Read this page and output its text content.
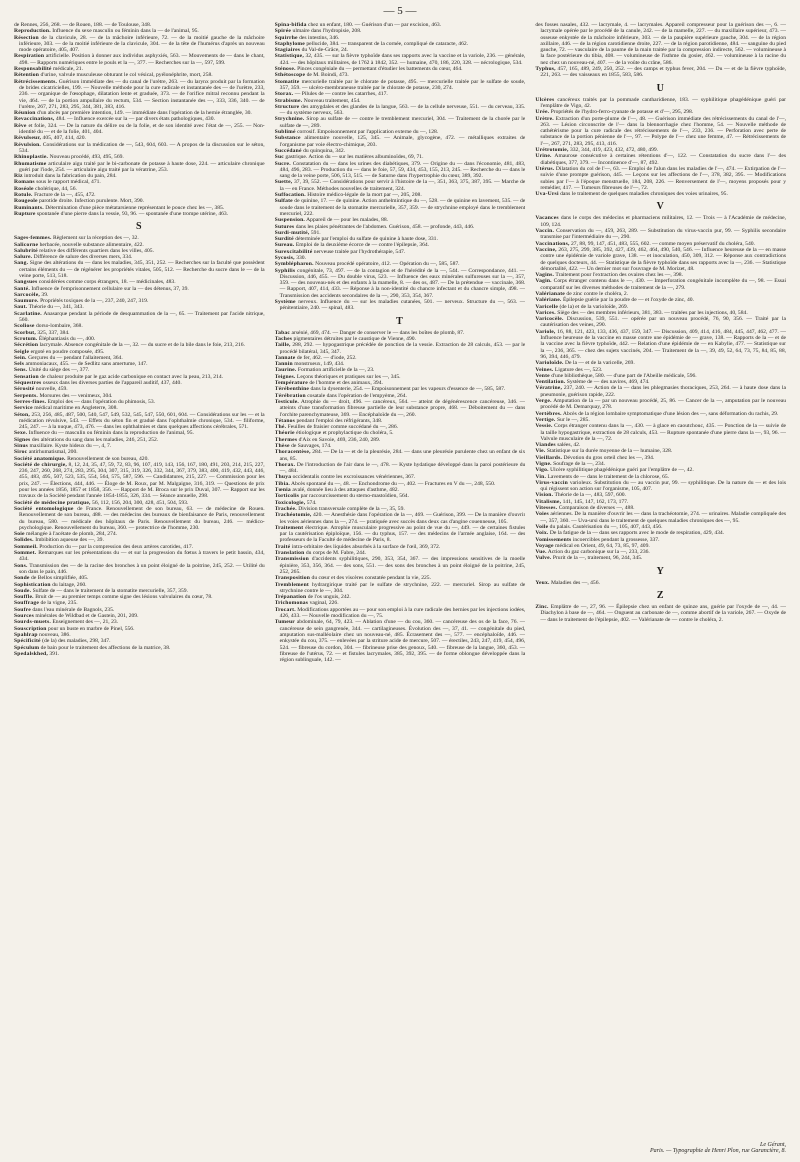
— 5 —

de Rennes, 256, 268. — de Rouen, 188. — de Toulouse, 348.

Reproduction. Influence du sexe masculin ou féminin dans la — de l'animal, 95.

Résection de la clavicule, 28. — de la mâchoire inférieure, 72. — de la moitié gauche de la mâchoire inférieure, 303. — de la moitié inférieure de la clavicule, 304. — de la tête de l'humérus d'après un nouveau mode opératoire, 405, 407.

Respiration artificielle. Position à donner aux individus asphyxiés, 563. — Mouvements de — dans le chant, 498. — Rapports numériques entre le pouls et la —, 377. — Recherches sur la —, 597, 599.

Responsabilité médicale, 21.

Rétention d'urine, valvule musculeuse obturant le col vésical, pyélonéphrite, mort, 258.

Rétrécissements. Guérison immédiate des — du canal de l'urètre, 263. — du larynx produit par la formation de brides cicatricielles, 199. — Nouvelle méthode pour la cure radicale et instantanée des — de l'urètre, 233, 236. — organique de l'œsophage, dilatation lente et graduée, 373. — de l'orifice mitral reconnu pendant la vie, 464. — de la portion ampullaire du rectum, 534. — Section instantanée des —, 333, 336, 340. — de l'urètre, 267, 271, 283, 295, 344, 381, 383, 416.

Réunion d'un abcès par première intention, 149. — immédiate dans l'opération de la hernie étranglée, 30.

Revaccinations, 484. — Influence exercée sur la — par divers états pathologiques, 430.

Rêve et folie, 324. — De la nature du délire ou de la folie, et de son identité avec l'état de —, 255. — Non-identité du — et de la folie, 401, 404.

Révulseur, 405, 407, 414, 420.

Révulsion. Considérations sur la médication de —, 543, 604, 603. — A propos de la discussion sur le séton, 534.

Rhinoplastie. Nouveau procédé, 493, 495, 569.

Rhumatisme articulaire aigu traité par le bi-carbonate de potasse à haute dose, 224. — articulaire chronique guéri par l'iode, 254. — articulaire aigu traité par la vératrine, 253.

Riz introduit dans la fabrication du pain, 284.

Romans sous le rapport médical, 471.

Roséole cholérique, 44, 56.

Rotule. Fracture de la —, 455, 472.

Rougeole parotide droite. Infection purulente. Mort, 390.

Ruminants. Détermination d'une pièce métatarsienne représentant le pouce chez les —, 385.

Rupture spontanée d'une pierre dans la vessie, 93, 96. — spontanée d'une trompe utérine, 463.

S

Sages-femmes. Règlement sur la réception des —, 32.

Salicorne herbacée, nouvelle substance alimentaire, 422.

Salubrité relative des différents quartiers dans les villes, 405.

Salure. Différence de salure des diverses mers, 334.

Sang. Signe des altérations du — dans les maladies, 345, 351, 252. — Recherches sur la faculté que possèdent certains éléments du — de régénérer les propriétés vitales, 505, 512. — Recherche du sucre dans le — de la veine porte, 513, 518.

Sangsues considérées comme corps étrangers, 18. — médicinales, 483.

Santé. Influence de l'emprisonnement cellulaire sur la — des détenus, 37, 39.

Sarcocèle, 39.

Saumure. Propriétés toxiques de la —, 237, 240, 247, 319.

Saut. Théorie du —, 341, 343.

Scarlatine. Anasarque pendant la période de desquammation de la —, 65. — Traitement par l'acide nitrique, 560.

Scoliose dorso-lombaire, 368.

Scorbut, 325, 337, 384.

Scrotum. Éléphantiasis du —, 400.

Sécrétion lacrymale. Absence congénitale de la —, 32. — du sucre et de la bile dans le foie, 213, 216.

Seigle ergoté en poudre composée, 495.

Sein. Gerçures du — pendant l'allaitement, 364.

Sels ammoniacaux, 455. — de Sedlitz sans amertume, 147.

Sens. Unité du siège des —, 377.

Sensation de chaleur produite par le gaz acide carbonique en contact avec la peau, 213, 214.

Séquestres osseux dans les diverses parties de l'appareil auditif, 437, 440.

Sérosité nouvelle, 459.

Serpents. Morsures des — venimeux, 304.

Serres-fines. Emploi des — dans l'opération du phimosis, 53.

Service médical maritime en Angleterre, 308.

Séton, 253, 256, 485, 487, 500, 540, 547, 549, 532, 545, 547, 550, 601, 604. — Considérations sur les — et la médication révulsive, 543. — Effets du séton fin et gradué dans l'ophthalmie chronique, 534. — filiforme, 245, 247. — à la nuque, 473, 476. — dans les ophthalmies et dans quelques affections cérébrales, 571.

Sexe. Influence du — masculin ou féminin dans la reproduction de l'animal, 95.

Signes des altérations du sang dans les maladies, 246, 251, 252.

Sinus maxillaire. Kyste hideux du —, 4, 7.

Siroc antirhumatismal, 200.

Société anatomique. Renouvellement de son bureau, 420.

Société de chirurgie, 8, 12, 24, 35, 47, 59, 72, 83, 96, 107, 419, 143, 156, 167, 180, 491, 203, 214, 215, 227, 236, 247, 260, 268, 274, 283, 295, 304, 307, 315, 319, 326, 332, 344, 367, 379, 383, 400, 419, 432, 443, 446, 455, 483, 495, 507, 523, 535, 554, 564, 575, 587, 596. — Candidatures, 215, 227. — Commission pour les prix, 247. — Élections, 444, 446. — Éloge de M. Roux, par M. Malgaigne, 316, 319. — Questions de prix pour les années 1856, 1857 et 1858, 356. — Rapport de M. Broca sur le prix Duval, 307. — Rapport sur les travaux de la Société pendant l'année 1854-1855, 326, 334. — Séance annuelle, 298.

Société de médecine pratique, 56, 112, 156, 204, 300, 428, 451, 504, 593.

Société entomologique de France. Renouvellement de son bureau, 63. — de médecine de Rouen. Renouvellement de son bureau, 488. — des médecins des bureaux de bienfaisance de Paris, renouvellement du bureau, 580. — médicale des hôpitaux de Paris. Renouvellement du bureau, 246. — médico-psychologique. Renouvellement du bureau, 360. — protectrice de l'homme, 230.

Soie mélangée à l'acétate de plomb, 284, 274.

Solides. Imbibition aqueuse des —, 39.

Sommeil. Production du — par la compression des deux artères carotides, 417.

Sommet. Remarques sur les présentations du — et sur la progression du fœtus à travers le petit bassin, 434, 434.

Sons. Transmission des — de la racine des bronches à un point éloigné de la poitrine, 245, 252. — Utilité du son dans le pain, 446.

Sonde de Bellos simplifiée, 405.

Sophistication du laitage, 260.

Soude. Sulfate de — dans le traitement de la stomatite mercurielle, 357, 359.

Souffle. Bruit de — au premier temps comme signe des lésions valvulaires du cœur, 78.

Souffrage de la vigne, 235.

Soufre dans l'eau minérale de Bagnols, 235.

Sources minérales de Wildbad et de Gastein, 201, 209.

Sourds-muets. Enseignement des —, 21, 23.

Souscription pour un buste en marbre de Pinel, 556.

Spahlrap nouveau, 386.

Spécificité (de la) des maladies, 298, 347.

Spéculum de bain pour le traitement des affections de la matrice, 38.

Spedalskhed, 391.

Spina-bifida chez un enfant, 180. — Guérison d'un — par excision, 463.

Spirée ulmaire dans l'hydropisie, 208.

Squirrhe des intestins, 346.

Staphylome pellucide, 384. — transparent de la cornée, compliqué de cataracte, 462.

Stagiaires du Val-de-Grâce, 24.

Statistique, 32, 435. — sur la fièvre typhoïde dans ses rapports avec la vaccine et la variole, 236. — générale, 424. — des hôpitaux militaires, de 1762 à 1842, 352. — humaine, 470, 186, 220, 328. — nécrologique, 534.

Sténose. Pinces congéniale du — permettant d'étudier les battements du cœur, 464.

Sthétoscope de M. Boindi, 473.

Stomatite mercurielle traitée par le chlorate de potasse, 495. — mercurielle traitée par le sulfate de soude, 357, 359. — ulcéro-membraneuse traitée par le chlorate de potasse, 230, 274.

Storax. — Pilules de — contre les catarrhes, 417.

Strabisme. Nouveau traitement, 454.

Structure des amygdales et des glandes de la langue, 563. — de la cellule nerveuse, 551. — du cerveau, 335. — du système nerveux, 563.

Strychnine. Sirop au sulfate de — contre le tremblement mercuriel, 304. — Traitement de la chorée par le sulfate de —, 289.

Sublimé corrosif. Empoisonnement par l'application externe du —, 128.

Substance alimentaire nouvelle, 125, 345. — Animale, glycogène, 472. — métalliques extraites de l'organisme par voie électro-chimique, 203.

Succédané du quinquina, 342.

Suc gastrique. Action du — sur les matières albuminoïdes, 69, 71.

Sucre. Constatation du — dans les urines des diabétiques, 379. — Origine du — dans l'économie, 481, 483, 484, 496, 283. — Production du — dans le foie, 57, 59, 434, 453, 155, 213, 245. — Recherche du — dans le sang de la veine porte, 506, 513, 515. — de Saturne dans l'hypertrophie du cœur, 389, 392.

Suette, 37, 39, 552. — Considérations pour servir à l'histoire de la —, 351, 363, 375, 387, 395. — Marche de la — en France. Méthodes nouvelles de traitement, 324.

Suffocation. Histoire médico-légale de la mort par —, 205, 208.

Sulfate de quinine, 17. — de quinine. Action anthelmintique du —, 528. — de quinine en lavement, 535. — de soude dans le traitement de la stomatite mercurielle, 357, 359. — de strychnine employé dans le tremblement mercuriel, 222.

Suspension. Appareil de — pour les malades, 88.

Sutures dans les plaies pénétrantes de l'abdomen. Guérison, 458. — profonde, 443, 446.

Surdi-mutité, 591.

Surdité déterminée par l'emploi du sulfate de quinine à haute dose, 331.

Sureau. Emploi de la deuxième écorce de — contre l'épilepsie, 364.

Surexcitabilité nerveuse traitée par l'hydrothérapie, 547.

Sycosis, 330.

Symblépharon. Nouveau procédé opératoire, 412. — Opération du —, 585, 587.

Syphilis congénitale, 73, 497. — de la contagion et de l'hérédité de la —, 544. — Correspondance, 441. — Discussion, 446, 455. — Du double virus, 523. — Influence des eaux minérales sulfureuses sur la —, 357, 359. — des nouveau-nés et des enfants à la mamelle, 8. — des os, 487. — De la prétendue — vaccinale, 368. — Rapport, 407, 414, 433. — Réponse à la non-identité du chancre infectant et du chancre simple, 498. — Transmission des accidents secondaires de la —, 290, 353, 354, 367.

Système nerveux. Influence du — sur les maladies cutanées, 501. — nerveux. Structure du —, 563. — pénitentiaire, 240. — spinal, 483.

T

Tabac arsénié, 469, 474. — Danger de conserver le — dans les boîtes de plomb, 87.

Taches pigmentaires détruites par le caustique de Vienne, 490.

Taille, 288, 292. — hypogastrique précédée de ponction de la vessie. Extraction de 28 calculs, 453. — par le procédé bilatéral, 345, 347.

Tannate de fer, 462. — d'iode, 252.

Tannin monstrueux, 149, 434.

Taurine. Formation artificielle de la —, 23.

Teignes. Leçons théoriques et pratiques sur les —, 345.

Température de l'homme et des animaux, 394.

Térébenthine dans la dysenterie, 254. — Empoisonnement par les vapeurs d'essence de —, 585, 587.

Térébration cosatale dans l'opération de l'empyème, 264.

Testicule. Atrophie du — droit, 496. — cancéreux, 564. — atteint de dégénérescence cancéreuse, 346. — atteints d'une transformation fibreuse partielle de leur substance propre, 468. — Déboitement du — dans l'orchite parenchymateuse, 369. — Encéphaloïde du —, 260.

Tétanos pendant l'emploi des réfrigérants, 348.

Thé. Feuilles de fraisier comme succédané du —, 286.

Théorie étiologique et prophylactique du choléra, 5.

Thermes d'Aix en Savoie, 469, 236, 240, 289.

Thèse de Sauvages, 174.

Thoracentèse, 284. — De la — et de la pleurésie, 284. — dans une pleurésie purulente chez un enfant de six ans, 85.

Thorax. De l'introduction de l'air dans le —, 478. — Kyste hydatique développé dans la paroi postérieure du —, 484.

Thuya occidentalis contre les excroissances vénériennes, 367.

Tibia. Abcès spontané du —, 48. — Enchondrome du —, 402. — Fractures en V du —, 248, 550.

Tœnia avalé, donnée lieu à des attaques d'asthme, 482.

Torticolis par raccourcissement du sterno-mastoïdien, 564.

Toxicologie, 574.

Trachée. Division transversale complète de la —, 35, 59.

Trachéotomie, 420. — Anesthésie dans l'opération de la —, 469. — Guérison, 399. — De la manière d'ouvrir les voies aériennes dans la —, 274. — pratiquée avec succès dans deux cas d'angine couenneuse, 105.

Traitement électrique. Atrophie musculaire progressive au point de vue du —, 449. — de certaines fistules par la cautérisation épiploïque, 156. — du typhus, 157. — des médecins de l'armée anglaise, 164. — des professeurs de la Faculté de médecine de Paris, 8.

Traité intra-orbitaire des liquides absorbés à la surface de l'œil, 369, 372.

Translation du corps de M. Fabre, 244.

Transmission d'accidents syphilitiques, 290, 353, 354, 367. — des impressions sensitives de la moelle épinière, 353, 356, 364. — des sons, 551. — des sons des bronches à un point éloigné de la poitrine, 245, 252, 265.

Transposition du cœur et des viscères constatée pendant la vie, 225.

Tremblement hydrargirique traité par le sulfate de strychnine, 222. — mercuriel. Sirop au sulfate de strychnine contre le —, 304.

Trépanation de l'os unguis, 242.

Trichomonas vaginal, 226.

Trocart. Modifications apportées au — pour son emploi à la cure radicale des hernies par les injections iodées, 426, 433. — Nouvelle modification du —, 75.

Tumeur abdominale, 64, 79, 423. — Ablation d'une — du cou, 360. — cancéreuse des os de la face, 76. — cancéreuse de sein gangrenée, 344. — cartilagineuses. Évolution des —, 37, 41. — congénitale du pied, amputation sus-malléolaire chez un nouveau-né, 485. Écrasement des —, 577. — encéphaloïde, 446. — enkystée du cou, 375. — enlevées par la striture acide de mercure, 507. — érectiles, 243, 247, 419, 454, 496, 524. — fibreuse du cordon, 304. — fibrineuse prise des genoux, 540. — fibreuse de la langue, 360, 453. — fibreuse de l'utérus, 72. — et fistules lacrymales, 385, 392, 395. — de forme oblongue développée dans la région sublinguale, 142. —

des fosses nasales, 432. — lacrymale, 4. — lacrymales. Appareil compresseur pour la guérison des —, 6. — lacrymale opérée par le procédé de la canule, 242. — de la mamelle, 227. — du maxillaire supérieur, 473. — osseuse enkystée de la mâchoire inférieure, 303. — de la paupière supérieure gauche, 304. — de la région axillaire, 446. — de la région carotidienne droite, 227. — de la région parotidienne, 484. — sanguine du pied gauche, 72. — vasculaire de la paume de la main traitée par la compression indirecte, 562. — volumineuse à la face postérieure du tibia, 408. — volumineuse de l'isthme du gosier, 462. — volumineuse à la racine du nez chez un nouveau-né, 407. — de la voûte du crâne, 586.

Typhus, 457, 165, 489, 249, 250, 252. — des camps et typhus fever, 204. — Du — et de la fièvre typhoïde, 221, 263. — des vaisseaux en 1855, 583, 586.

U

Ulcères cancéreux traités par la pommade cantharidienne, 183. — syphilitique phagédénique guéri par l'emplâtre de Vigo, 42.

Urée. Propriétés de l'hydro-ferro-cyanate de potasse et d'—, 295, 298.

Urètre. Extraction d'un porte-plume de l'—, 48. — Guérison immédiate des rétrécissements du canal de l'—, 263. — Lésion circonscrite de l'— dans la blennorrhagie chez l'homme, 54. — Nouvelle méthode de cathétérisme pour la cure radicale des rétrécissements de l'—, 233, 236. — Perforation avec perte de substance de la portion pénienne de l'—, 97. — Polype de l'— chez une femme, 47. — Rétrécissements de l'—, 267, 271, 283, 295, 413, 416.

Urétrotomie, 332, 344, 419, 423, 432, 472, 480, 499.

Urine. Amaurose consécutive à certaines rétentions d'—, 122. — Constatation du sucre dans l'— des diabétiques, 377, 379. — Incontinence d'—, 87, 492.

Utérus. Dilatation du col de l'—, 63. — Emploi de l'alun dans les maladies de l'—, 474. — Extirpation de l'— suivie d'une prompte guérison, 445. — Leçons sur les affections de l'—, 378, 382, 395. — Modifications subies par l'— à l'époque menstruelle, 184, 208, 226. — Renversement de l'—, moyens proposés pour y remédier, 417. — Tumeurs fibreuses de l'—, 72.

Uva-Ursi dans le traitement de quelques maladies chroniques des voies urinaires, 95.

V

Vacances dans le corps des médecins et pharmaciens militaires, 12. — Trois — à l'Académie de médecine, 109, 124.

Vaccin. Conservation du —, 459, 263, 289. — Substitution du virus-vaccin pur, 99. — Syphilis secondaire transmise par l'intermédiaire du —, 290.

Vaccinations, 27, 88, 99, 147, 451, 483, 555, 602. — comme moyen préservatif du choléra, 540.

Vaccine, 263, 275, 299, 385, 392, 427, 439, 462, 464, 490, 540, 546. — Influence heureuse de la — en masse contre une épidémie de variole grave, 138. — et inoculation, 450, 309, 312. — Réponse aux contradictions de quelques docteurs, 44. — Statistique de la fièvre typhoïde dans ses rapports avec la —, 236. — Statistique démortalité, 422. — Un dernier mot sur l'ouvrage de M. Morizet, 48.

Vagins. Traitement pour l'extraction des ovaires chez les —, 398.

Vagin. Corps étranger contenu dans le —, 430. — Imperforation congénitale incomplète du —, 98. — Essai comparatif sur les diverses méthodes de traitement de la —, 279.

Valérianate de zinc contre le choléra, 2.

Valériane. Épilepsie guérie par la poudre de — et l'oxyde de zinc, 40.

Varicelle (de la) et de la varioloïde, 269.

Varices. Siège des — des membres inférieurs, 381, 383. — traitées par les injections, 40, 584.

Varicocèle. Discussion, 539, 551. — opérée par un nouveau procédé, 76, 90, 356. — Traité par la cautérisation des veines, 290.

Variole, 16, 88, 121, 423, 133, 436, 437, 159, 347. — Discussion, 409, 414, 416, 484, 445, 447, 462, 477. — Influence heureuse de la vaccine en masse contre une épidémie de — grave, 138. — Rapports de la — et de la vaccine avec la fièvre typhoïde, 442. — Relation d'une épidémie de — en Kabylie, 477. — Statistique sur la —, 236, 365. — chez des sujets vaccinés, 204. — Traitement de la —, 39, 49, 52, 64, 73, 75, 84, 85, 88, 96, 394, 446, 479.

Varioloïde. De la — et de la varicelle, 269.

Veines. Ligature des —, 523.

Vente d'une bibliothèque, 580. — d'une part de l'Abeille médicale, 596.

Ventilation. Système de — des navires, 469, 474.

Vératrine, 237, 240. — Action de la — dans les phlegmasies thoraciques, 253, 264. — à haute dose dans la pneumonie, guérison rapide, 222.

Verge. Amputation de la — par un nouveau procédé, 25, 86. — Cancer de la —, amputation par le nouveau procédé de M. Demarquay, 278.

Vertèbres. Abcès de la région lombaire symptomatique d'une lésion des —, sans déformation du rachis, 29.

Vertige. Sur le —, 285.

Vessie. Corps étranger contenu dans la —, 430. — à glace en caoutchouc, 435. — Ponction de la — suivie de la taille hypogastrique, extraction de 28 calculs, 453. — Rupture spontanée d'une pierre dans la —, 93, 96. — Valvule musculaire de la —, 72.

Viandes salées, 42.

Vie. Statistique sur la durée moyenne de la — humaine, 328.

Vieillards. Dévotion du gros orteil chez les —, 394.

Vigne. Soufrage de la —, 234.

Vigo. Ulcère syphilitique phagédénique guéri par l'emplâtre de —, 42.

Vin. Lavements de — dans le traitement de la chlorose, 65.

Virus-vaccin varioleux. Substitution du — au vaccin pur, 99. — syphilitique. De la nature du — et des lois qui régissent son action sur l'organisme, 105, 407.

Vision. Théorie de la —, 483, 597, 600.

Vitalisme, 141, 145, 147, 162, 173, 177.

Vitesses. Comparaison de diverses —, 488.

Voies aériennes. De la manière d'ouvrir les — dans la trachéotomie, 274. — urinaires. Maladie compliquée des —, 357, 360. — Uva-ursi dans le traitement de quelques maladies chroniques des —, 95.

Voile du palais. Cautérisation du —, 105, 407, 443, 456.

Voix. De la fatigue de la — dans ses rapports avec le mode de respiration, 429, 434.

Vomissements incoercibles pendant la grossesse, 337.

Voyage médical en Orient, 49, 64, 73, 85, 97, 409.

Vue. Action du gaz carbonique sur la —, 233, 236.

Vulve. Prurit de la —, traitement, 96, 244, 345.

Y

Yeux. Maladies des —, 456.

Z

Zinc. Emplâtre de —, 27, 96. — Épilepsie chez un enfant de quinze ans, guérie par l'oxyde de —, 44. — Diachylon à base de —, 464. — Onguent au carbonate de —, comme abortif de la variole, 267. — Oxyde de — dans le traitement de l'épilepsie, 402. — Valérianate de — contre le choléra, 2.

Le Gérant,
Paris. — Typographie de Henri Plon, rue Garancière, 8.
